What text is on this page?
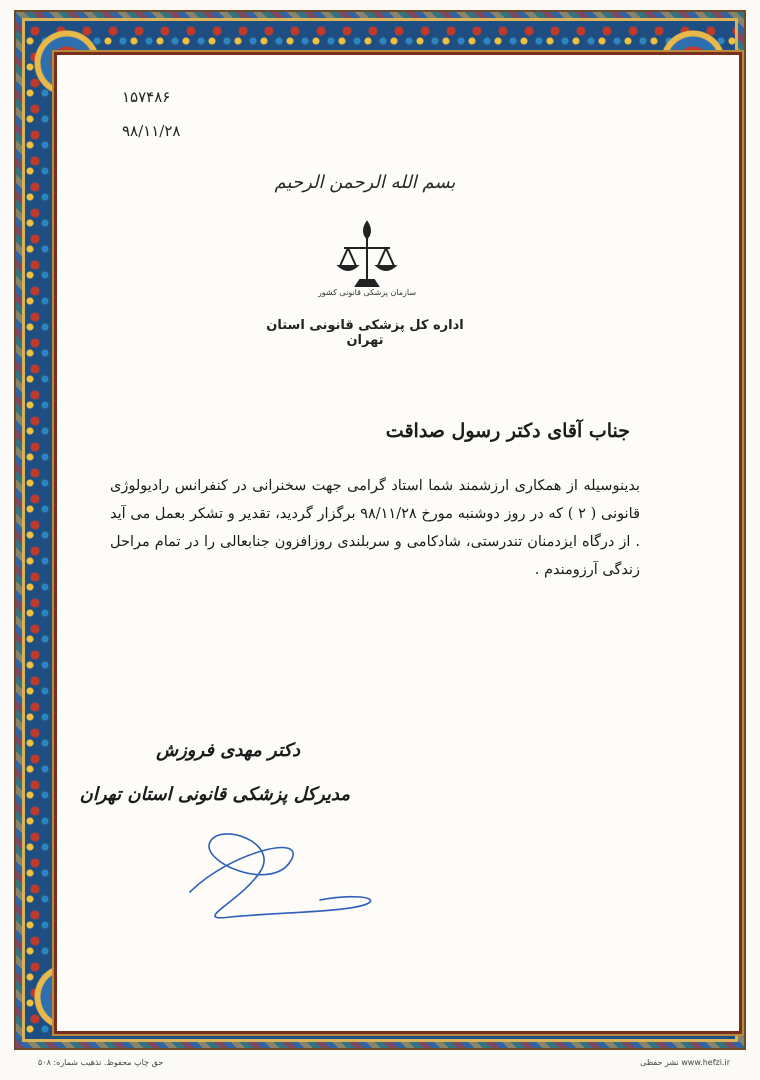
۱۵۷۴۸۶
۹۸/۱۱/۲۸
بسم الله الرحمن الرحیم
سازمان پزشکی قانونی کشور
اداره کل پزشکی قانونی استان تهران
جناب آقای دکتر رسول صداقت
بدینوسیله از همکاری ارزشمند شما استاد گرامی جهت سخنرانی در کنفرانس رادیولوژی قانونی ( ۲ ) که در روز دوشنبه مورخ ۹۸/۱۱/۲۸ برگزار گردید، تقدیر و تشکر بعمل می آید . از درگاه ایزدمنان تندرستی، شادکامی و سربلندی روزافزون جنابعالی را در تمام مراحل زندگی آرزومندم .
دکتر مهدی فروزش
مدیرکل پزشکی قانونی استان تهران
حق چاپ محفوظ. تذهیب شماره: ۵۰۸	www.hefzi.ir نشر حفظی
